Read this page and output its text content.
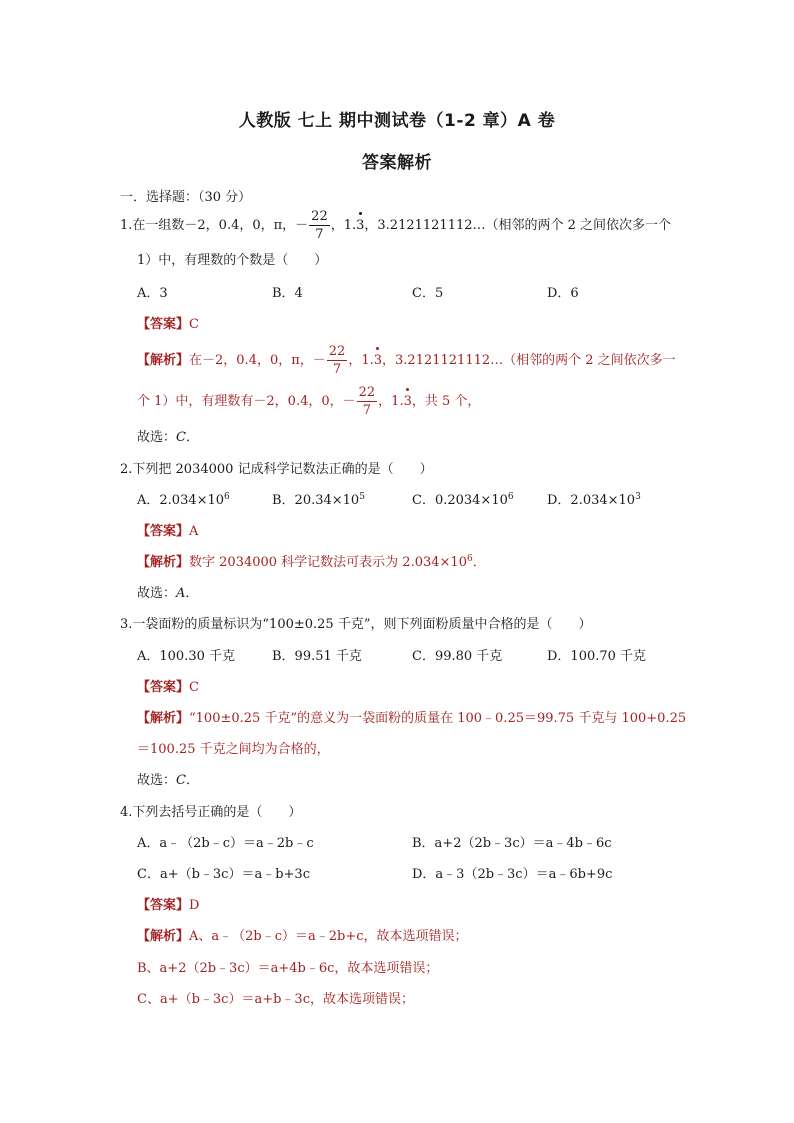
人教版 七上 期中测试卷（1-2 章）A 卷
答案解析
一．选择题：（30 分）
1.在一组数－2，0.4，0，π，－ $\frac{22}{7}$ ，1.3，3.2121121112…（相邻的两个 2 之间依次多一个
1）中，有理数的个数是（　　）
A．3	B．4	C．5	D．6
【答案】C
【解析】在－2，0.4，0，π，－ $\frac{22}{7}$ ，1.3，3.2121121112…（相邻的两个 2 之间依次多一
个 1）中，有理数有－2，0.4，0，－ $\frac{22}{7}$ ，1.3，共 5 个，
故选：C．
2.下列把 2034000 记成科学记数法正确的是（　　）
A．$2.034\times 10^6$	B．$20.34\times 10^5$	C．$0.2034\times 10^6$	D．$2.034\times 10^3$
【答案】A
【解析】数字 2034000 科学记数法可表示为 $2.034\times 10^6$．
故选：A．
3.一袋面粉的质量标识为“100±0.25 千克”，则下列面粉质量中合格的是（　　）
A．100.30 千克	B．99.51 千克	C．99.80 千克	D．100.70 千克
【答案】C
【解析】“100±0.25 千克”的意义为一袋面粉的质量在 100﹣0.25＝99.75 千克与 100+0.25
＝100.25 千克之间均为合格的，
故选：C．
4.下列去括号正确的是（　　）
A．a﹣（2b﹣c）＝a﹣2b﹣c	B．a+2（2b﹣3c）＝a﹣4b﹣6c
C．a+（b﹣3c）＝a﹣b+3c	D．a﹣3（2b﹣3c）＝a﹣6b+9c
【答案】D
【解析】A、a﹣（2b﹣c）＝a﹣2b+c，故本选项错误；
B、a+2（2b﹣3c）＝a+4b﹣6c，故本选项错误；
C、a+（b﹣3c）＝a+b﹣3c，故本选项错误；
